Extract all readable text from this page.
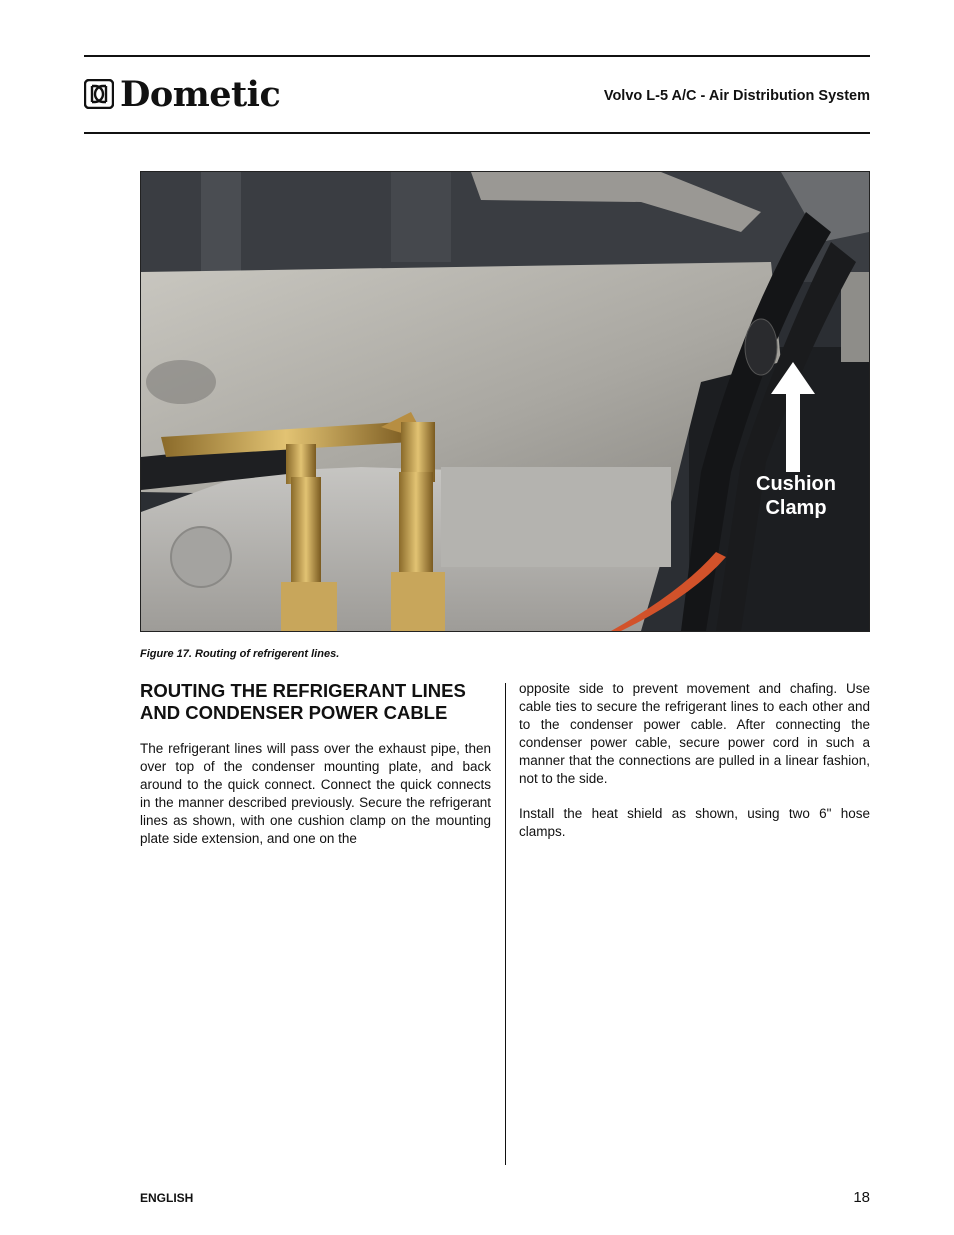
Dometic	Volvo L-5 A/C - Air Distribution System
Cushion
Clamp
Figure 17. Routing of refrigerent lines.
ROUTING THE REFRIGERANT LINES AND CONDENSER POWER CABLE

The refrigerant lines will pass over the exhaust pipe, then over top of the condenser mounting plate, and back around to the quick connect. Connect the quick connects in the manner described previously. Secure the refrigerant lines as shown, with one cushion clamp on the mounting plate side extension, and one on the

opposite side to prevent movement and chafing. Use cable ties to secure the refrigerant lines to each other and to the condenser power cable. After connecting the condenser power cable, secure power cord in such a manner that the connections are pulled in a linear fashion, not to the side.

Install the heat shield as shown, using two 6" hose clamps.

ENGLISH	18
